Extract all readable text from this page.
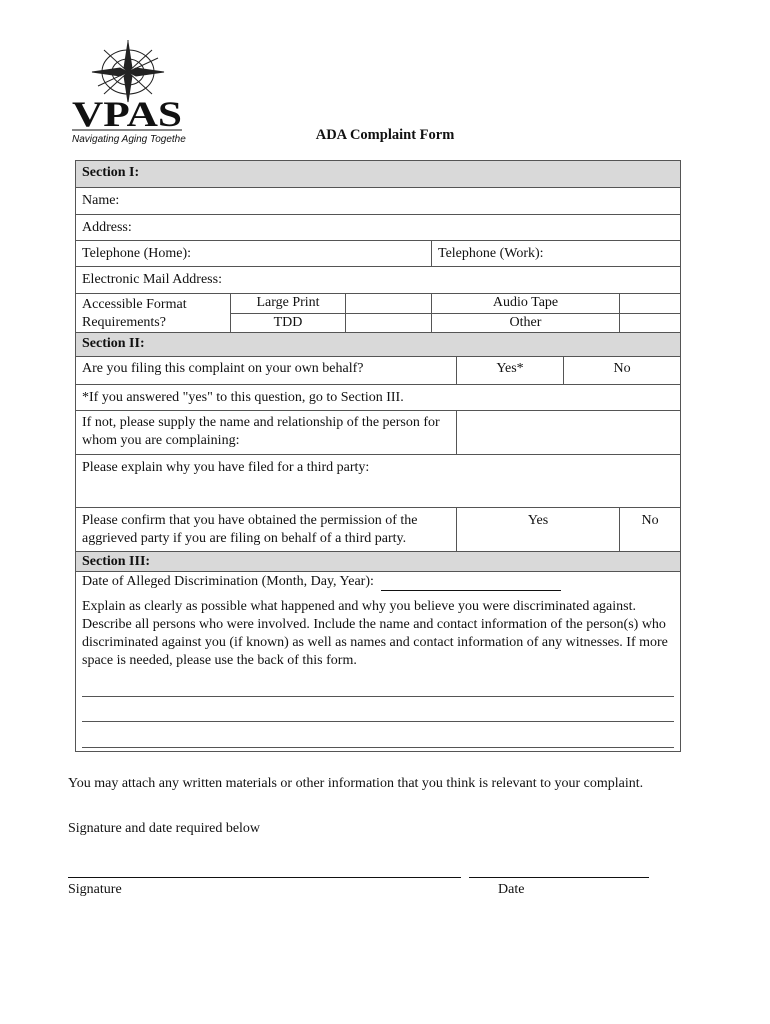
VPAS
Navigating Aging Together	ADA Complaint Form
Section I:						
Name:						
Address:						
Telephone (Home):			Telephone (Work):			
Electronic Mail Address:						
Accessible Format Requirements?	Large Print		Audio Tape			
	TDD		Other			
Section II:						
Are you filing this complaint on your own behalf?				Yes*	No	
*If you answered "yes" to this question, go to Section III.						
If not, please supply the name and relationship of the person for whom you are complaining:						
Please explain why you have filed for a third party:						

Please confirm that you have obtained the permission of the aggrieved party if you are filing on behalf of a third party.				Yes		No
Section III:						

Date of Alleged Discrimination (Month, Day, Year):
Explain as clearly as possible what happened and why you believe you were discriminated against. Describe all persons who were involved. Include the name and contact information of the person(s) who discriminated against you (if known) as well as names and contact information of any witnesses. If more space is needed, please use the back of this form.						
You may attach any written materials or other information that you think is relevant to your complaint.
Signature and date required below
Signature	Date
